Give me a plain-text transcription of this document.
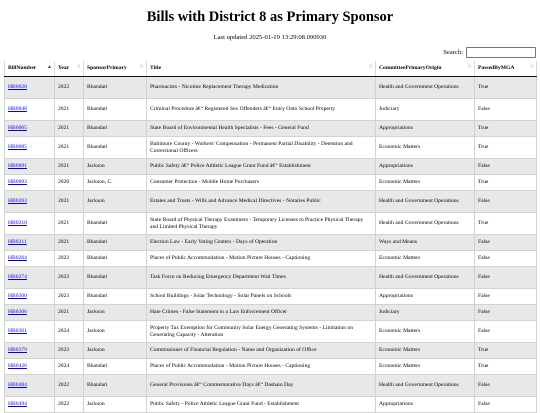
Bills with District 8 as Primary Sponsor

Last updated 2025-01-19 13:29:08.090930

Search:
BillNumber ▲	Year ⇅	SponsorPrimary ⇅	Title ⇅	CommitteePrimaryOrigin ⇅	PassedByMGA ⇅

HB0028	2022	Bhandari	Pharmacists - Nicotine Replacement Therapy Medication	Health and Government Operations	True
HB0048	2021	Bhandari	Criminal Procedure â€“ Registered Sex Offenders â€“ Entry Onto School Property	Judiciary	False
HB0065	2021	Bhandari	State Board of Environmental Health Specialists - Fees - General Fund	Appropriations	True
HB0085	2021	Bhandari	Baltimore County - Workers' Compensation - Permanent Partial Disability - Detention and Correctional Officers	Economic Matters	True
HB0091	2021	Jackson	Public Safety â€“ Police Athletic League Grant Fund â€“ Establishment	Appropriations	False
HB0093	2020	Jackson, C.	Consumer Protection - Mobile Home Purchasers	Economic Matters	True
HB0203	2021	Jackson	Estates and Trusts - Wills and Advance Medical Directives - Notaries Public	Health and Government Operations	False
HB0210	2021	Bhandari	State Board of Physical Therapy Examiners - Temporary Licenses to Practice Physical Therapy and Limited Physical Therapy	Health and Government Operations	True
HB0211	2021	Bhandari	Election Law - Early Voting Centers - Days of Operation	Ways and Means	False
HB0264	2023	Bhandari	Places of Public Accommodation - Motion Picture Houses - Captioning	Economic Matters	False
HB0274	2023	Bhandari	Task Force on Reducing Emergency Department Wait Times	Health and Government Operations	False
HB0300	2023	Bhandari	School Buildings - Solar Technology - Solar Panels on Schools	Appropriations	False
HB0306	2021	Jackson	Hate Crimes - False Statement to a Law Enforcement Officer	Judiciary	False
HB0361	2024	Jackson	Property Tax Exemption for Community Solar Energy Generating Systems - Limitation on Generating Capacity - Alteration	Economic Matters	False
HB0379	2023	Jackson	Commissioner of Financial Regulation - Name and Organization of Office	Economic Matters	True
HB0426	2024	Bhandari	Places of Public Accommodation - Motion Picture Houses - Captioning	Economic Matters	True
HB0484	2022	Bhandari	General Provisions â€“ Commemorative Days â€“ Dashain Day	Health and Government Operations	False
HB0494	2022	Jackson	Public Safety - Police Athletic League Grant Fund - Establishment	Appropriations	False
